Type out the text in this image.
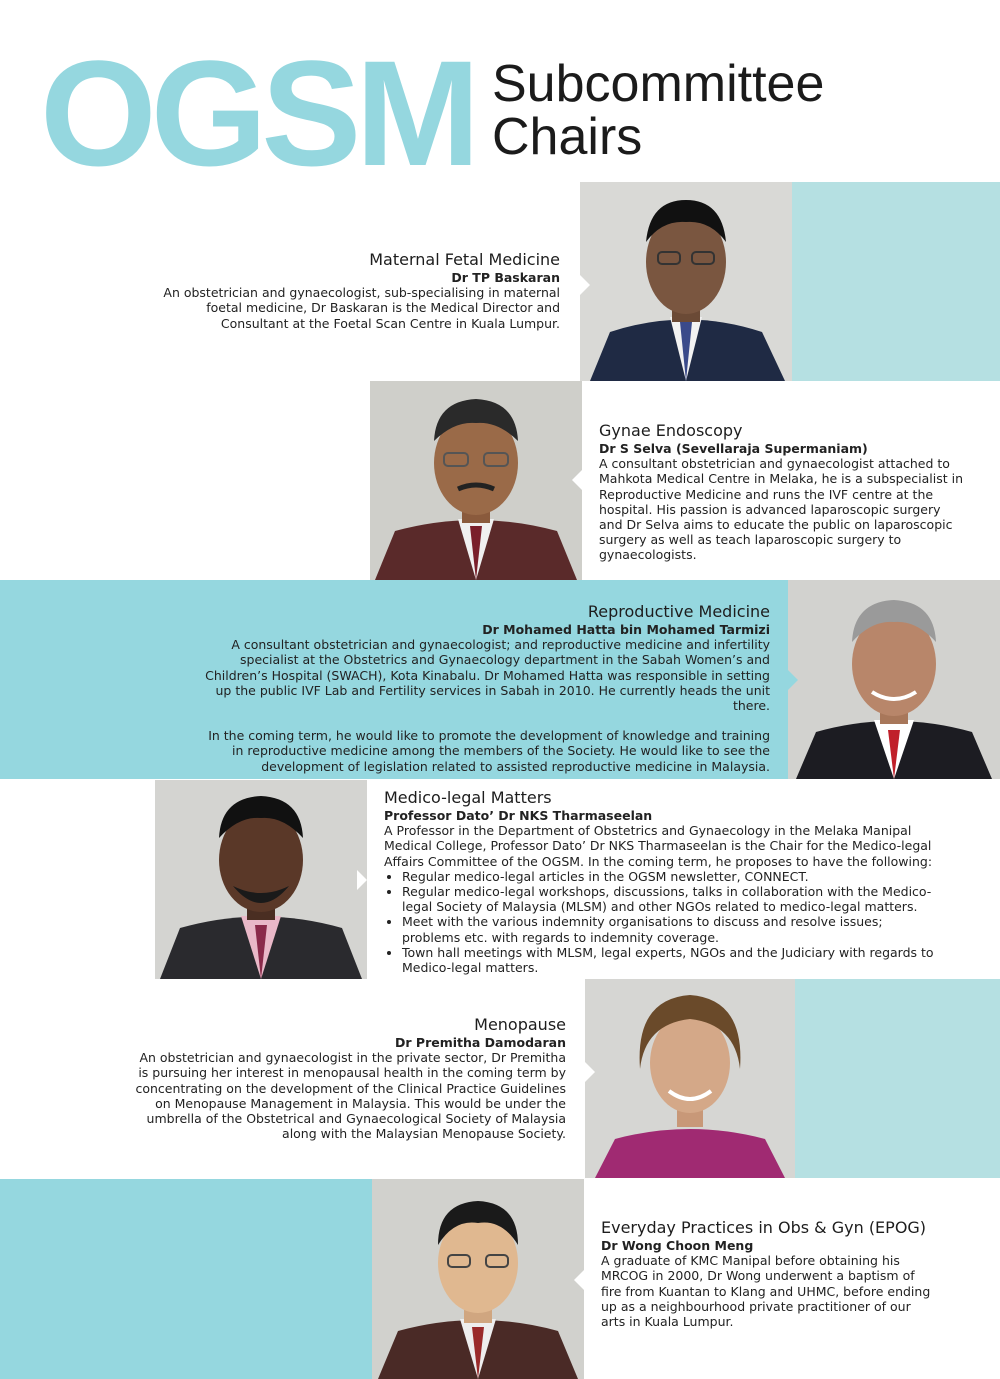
OGSM Subcommittee
Chairs
Maternal Fetal Medicine
Dr TP Baskaran

An obstetrician and gynaecologist, sub-specialising in maternal foetal medicine, Dr Baskaran is the Medical Director and Consultant at the Foetal Scan Centre in Kuala Lumpur.

Gynae Endoscopy
Dr S Selva (Sevellaraja Supermaniam)

A consultant obstetrician and gynaecologist attached to Mahkota Medical Centre in Melaka, he is a subspecialist in Reproductive Medicine and runs the IVF centre at the hospital. His passion is advanced laparoscopic surgery and Dr Selva aims to educate the public on laparoscopic surgery as well as teach laparoscopic surgery to gynaecologists.

Reproductive Medicine
Dr Mohamed Hatta bin Mohamed Tarmizi

A consultant obstetrician and gynaecologist; and reproductive medicine and infertility specialist at the Obstetrics and Gynaecology department in the Sabah Women’s and Children’s Hospital (SWACH), Kota Kinabalu. Dr Mohamed Hatta was responsible in setting up the public IVF Lab and Fertility services in Sabah in 2010. He currently heads the unit there.

In the coming term, he would like to promote the development of knowledge and training in reproductive medicine among the members of the Society. He would like to see the development of legislation related to assisted reproductive medicine in Malaysia.

Medico-legal Matters
Professor Dato’ Dr NKS Tharmaseelan

A Professor in the Department of Obstetrics and Gynaecology in the Melaka Manipal Medical College, Professor Dato’ Dr NKS Tharmaseelan is the Chair for the Medico-legal Affairs Committee of the OGSM. In the coming term, he proposes to have the following:

• Regular medico-legal articles in the OGSM newsletter, CONNECT.
• Regular medico-legal workshops, discussions, talks in collaboration with the Medico-legal Society of Malaysia (MLSM) and other NGOs related to medico-legal matters.
• Meet with the various indemnity organisations to discuss and resolve issues; problems etc. with regards to indemnity coverage.
• Town hall meetings with MLSM, legal experts, NGOs and the Judiciary with regards to Medico-legal matters.
Menopause
Dr Premitha Damodaran

An obstetrician and gynaecologist in the private sector, Dr Premitha is pursuing her interest in menopausal health in the coming term by concentrating on the development of the Clinical Practice Guidelines on Menopause Management in Malaysia. This would be under the umbrella of the Obstetrical and Gynaecological Society of Malaysia along with the Malaysian Menopause Society.

Everyday Practices in Obs & Gyn (EPOG)
Dr Wong Choon Meng

A graduate of KMC Manipal before obtaining his MRCOG in 2000, Dr Wong underwent a baptism of fire from Kuantan to Klang and UHMC, before ending up as a neighbourhood private practitioner of our arts in Kuala Lumpur.
